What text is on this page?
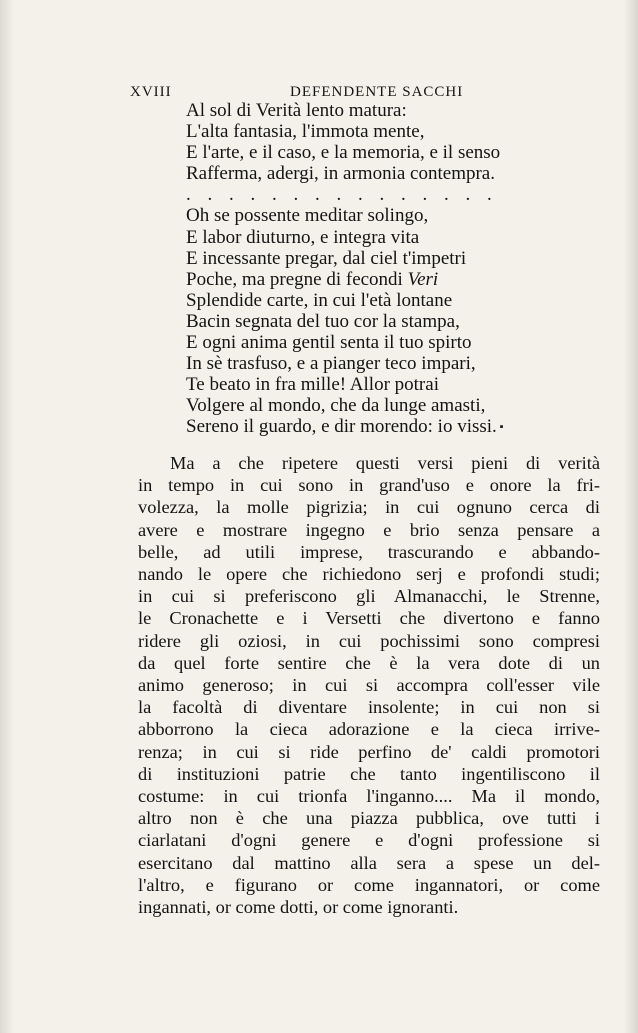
XVIII	DEFENDENTE SACCHI
Al sol di Verità lento matura:
L'alta fantasia, l'immota mente,
E l'arte, e il caso, e la memoria, e il senso
Rafferma, adergi, in armonia contempra.
. . . . . . . . . . . . . . .
Oh se possente meditar solingo,
E labor diuturno, e integra vita
E incessante pregar, dal ciel t'impetri
Poche, ma pregne di fecondi Veri
Splendide carte, in cui l'età lontane
Bacin segnata del tuo cor la stampa,
E ogni anima gentil senta il tuo spirto
In sè trasfuso, e a pianger teco impari,
Te beato in fra mille! Allor potrai
Volgere al mondo, che da lunge amasti,
Sereno il guardo, e dir morendo: io vissi. ▪
Ma a che ripetere questi versi pieni di verità
in tempo in cui sono in grand'uso e onore la fri-
volezza, la molle pigrizia; in cui ognuno cerca di
avere e mostrare ingegno e brio senza pensare a
belle, ad utili imprese, trascurando e abbando-
nando le opere che richiedono serj e profondi studi;
in cui si preferiscono gli Almanacchi, le Strenne,
le Cronachette e i Versetti che divertono e fanno
ridere gli oziosi, in cui pochissimi sono compresi
da quel forte sentire che è la vera dote di un
animo generoso; in cui si accompra coll'esser vile
la facoltà di diventare insolente; in cui non si
abborrono la cieca adorazione e la cieca irrive-
renza; in cui si ride perfino de' caldi promotori
di instituzioni patrie che tanto ingentiliscono il
costume: in cui trionfa l'inganno.... Ma il mondo,
altro non è che una piazza pubblica, ove tutti i
ciarlatani d'ogni genere e d'ogni professione si
esercitano dal mattino alla sera a spese un del-
l'altro, e figurano or come ingannatori, or come
ingannati, or come dotti, or come ignoranti.
